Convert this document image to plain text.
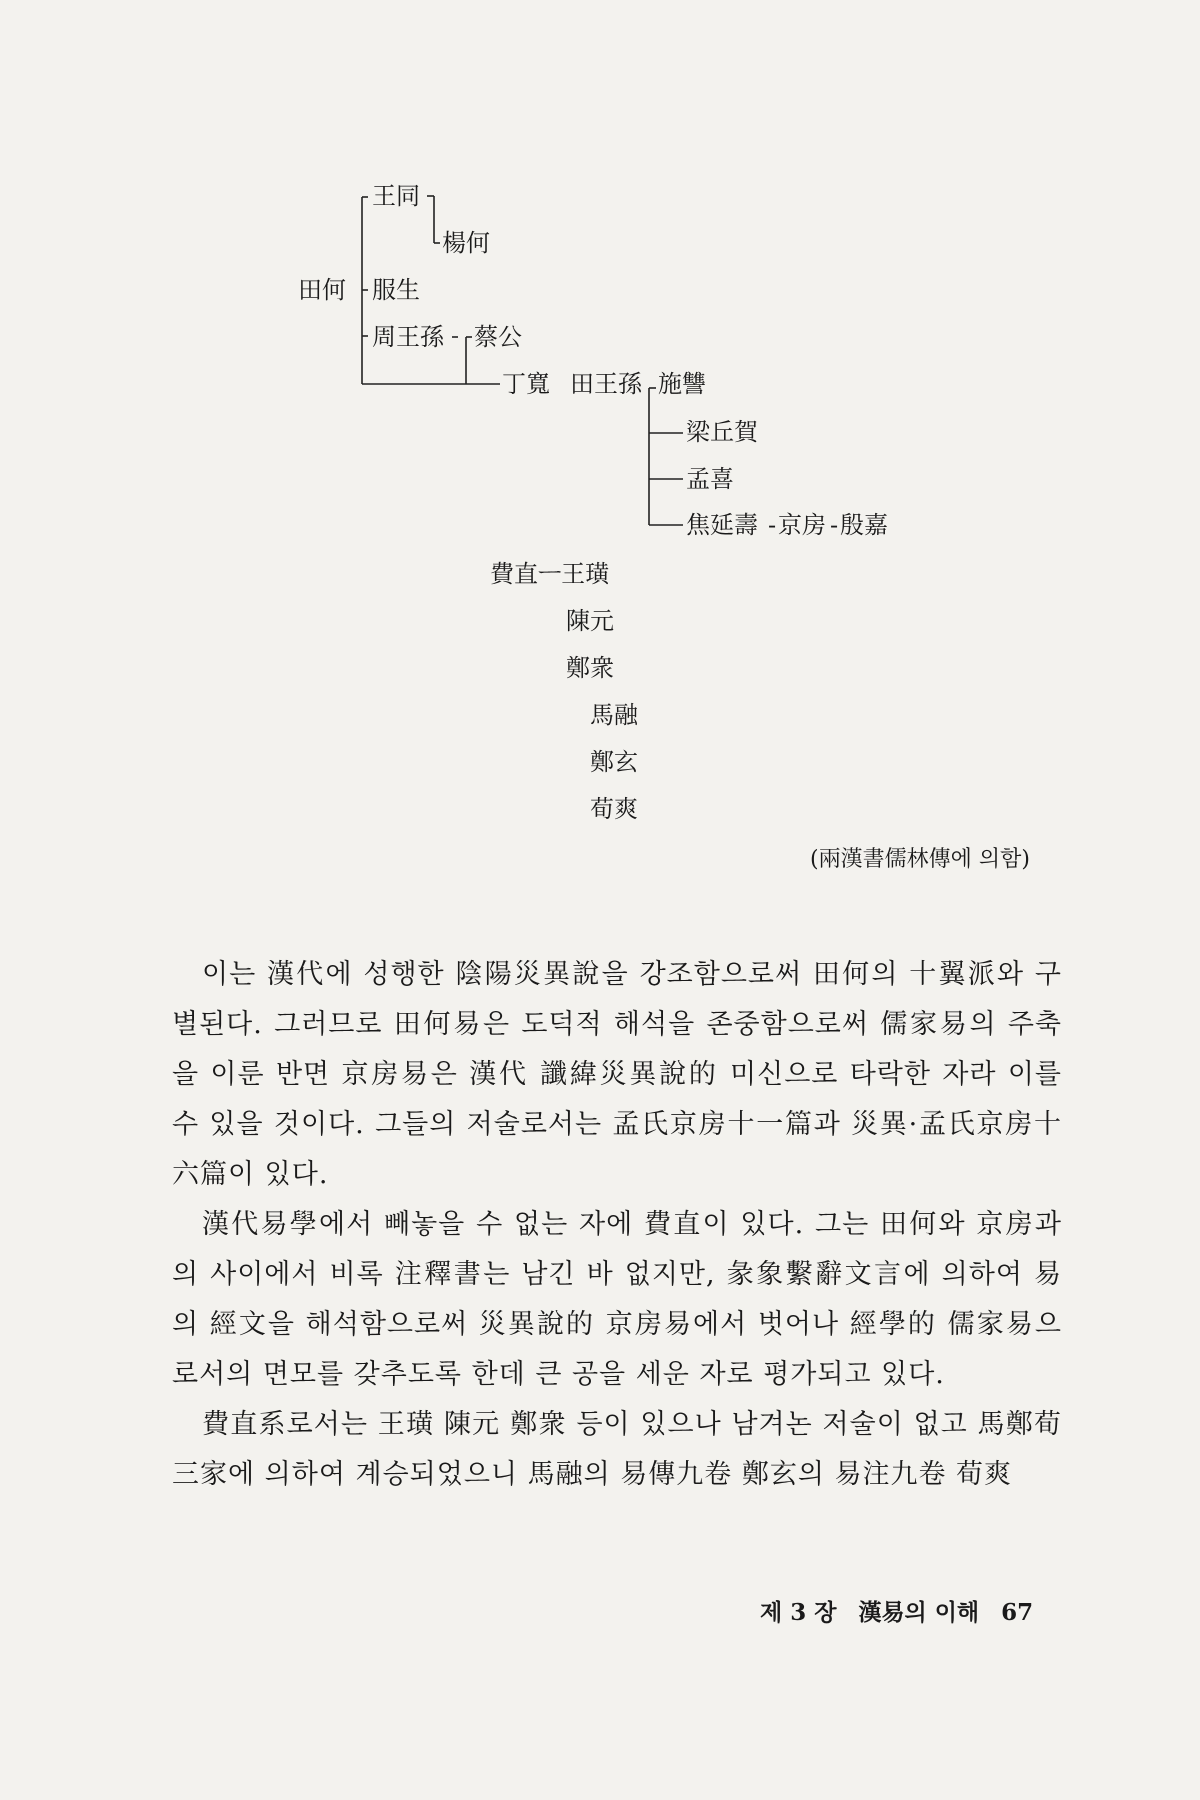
王同
楊何
田何 服生
周王孫 蔡公
丁寬 田王孫 施讐
梁丘賀
孟喜
焦延壽 - 京房 - 殷嘉
費直ㅡ王璜
陳元
鄭衆
馬融
鄭玄
荀爽
(兩漢書儒林傳에 의함)

이는 漢代에 성행한 陰陽災異說을 강조함으로써 田何의 十翼派와 구별된다. 그러므로 田何易은 도덕적 해석을 존중함으로써 儒家易의 주축을 이룬 반면 京房易은 漢代 讖緯災異說的 미신으로 타락한 자라 이를 수 있을 것이다. 그들의 저술로서는 孟氏京房十一篇과 災異·孟氏京房十六篇이 있다.

漢代易學에서 빼놓을 수 없는 자에 費直이 있다. 그는 田何와 京房과의 사이에서 비록 注釋書는 남긴 바 없지만, 彖象繫辭文言에 의하여 易의 經文을 해석함으로써 災異說的 京房易에서 벗어나 經學的 儒家易으로서의 면모를 갖추도록 한데 큰 공을 세운 자로 평가되고 있다.

費直系로서는 王璜 陳元 鄭衆 등이 있으나 남겨논 저술이 없고 馬鄭荀三家에 의하여 계승되었으니 馬融의 易傳九卷 鄭玄의 易注九卷 荀爽

제 3 장 漢易의 이해 67
